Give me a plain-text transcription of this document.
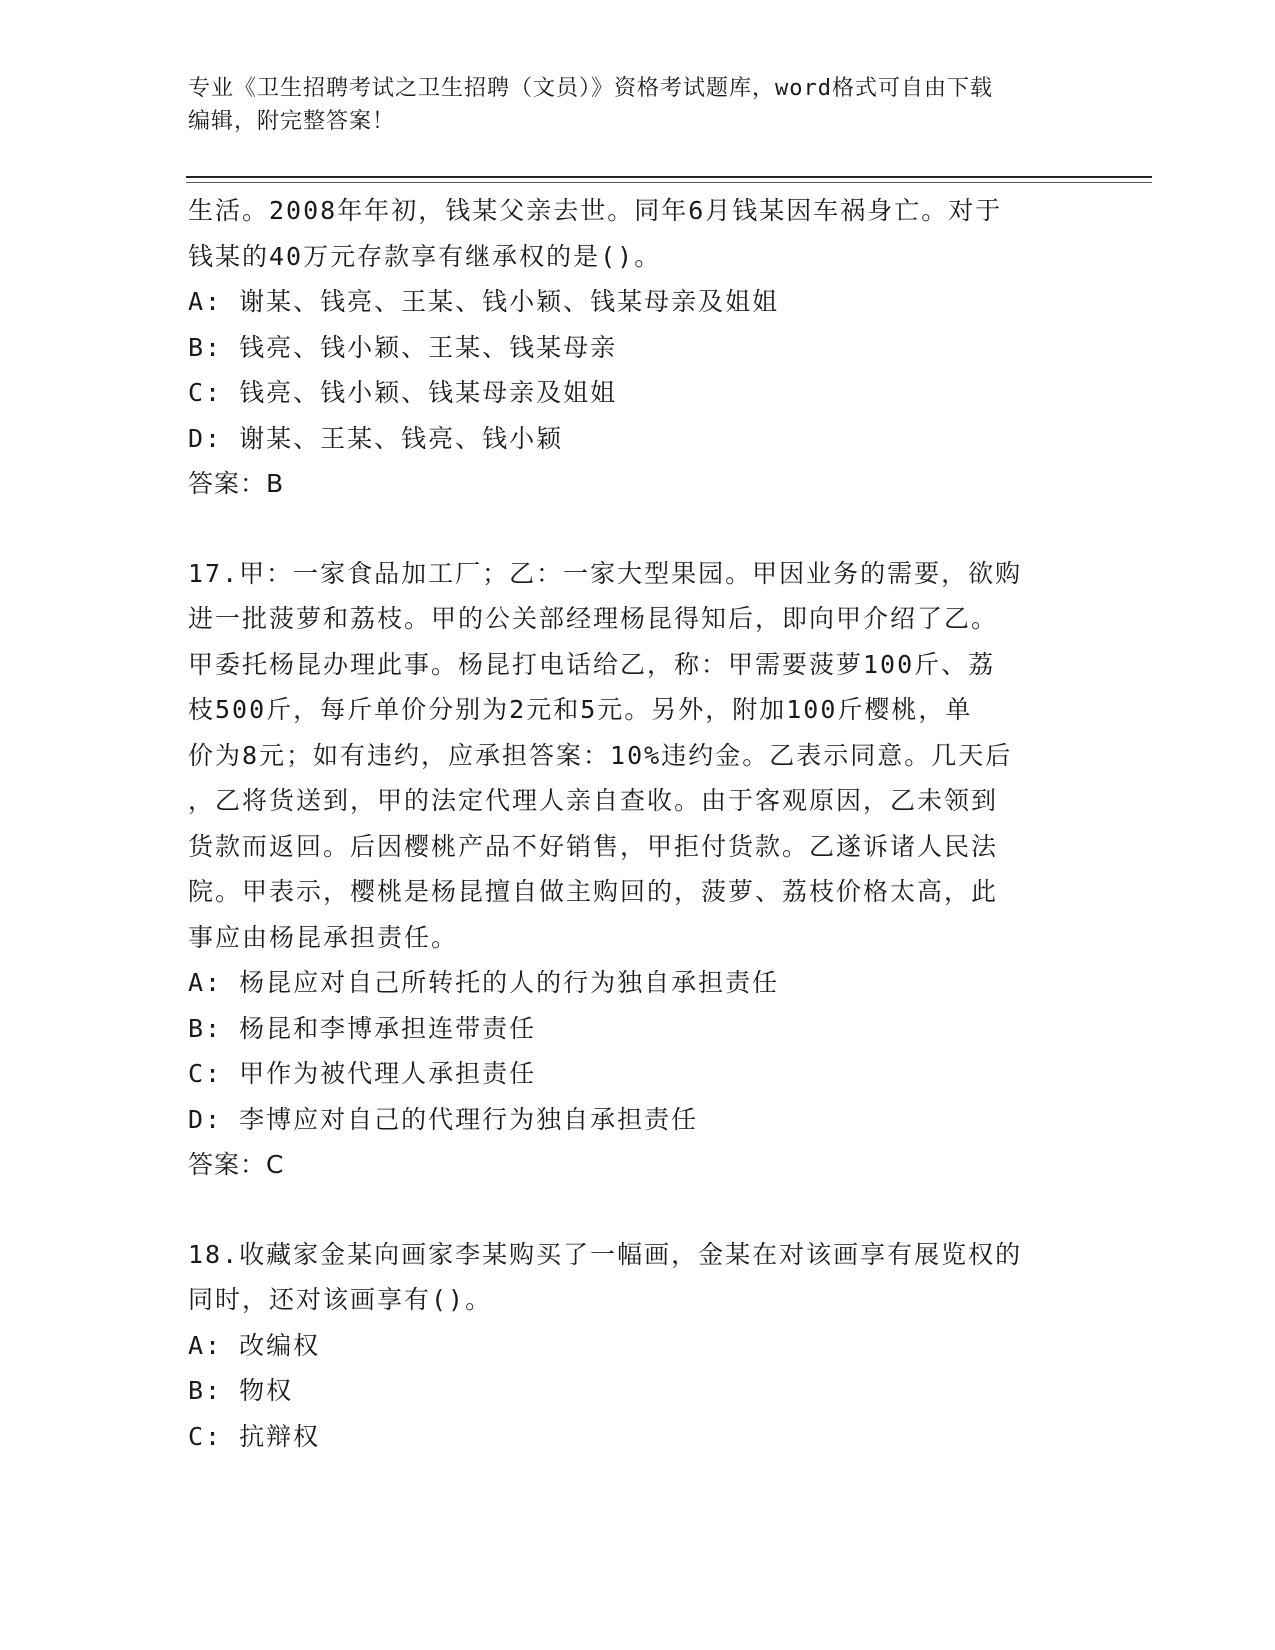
专业《卫生招聘考试之卫生招聘（文员）》资格考试题库，word格式可自由下载
编辑，附完整答案！
生活。2008年年初，钱某父亲去世。同年6月钱某因车祸身亡。对于
钱某的40万元存款享有继承权的是()。
A: 谢某、钱亮、王某、钱小颖、钱某母亲及姐姐
B: 钱亮、钱小颖、王某、钱某母亲
C: 钱亮、钱小颖、钱某母亲及姐姐
D: 谢某、王某、钱亮、钱小颖
答案：B
17.甲：一家食品加工厂；乙：一家大型果园。甲因业务的需要，欲购
进一批菠萝和荔枝。甲的公关部经理杨昆得知后，即向甲介绍了乙。
甲委托杨昆办理此事。杨昆打电话给乙，称：甲需要菠萝100斤、荔
枝500斤，每斤单价分别为2元和5元。另外，附加100斤樱桃，单
价为8元；如有违约，应承担答案：10%违约金。乙表示同意。几天后
，乙将货送到，甲的法定代理人亲自查收。由于客观原因，乙未领到
货款而返回。后因樱桃产品不好销售，甲拒付货款。乙遂诉诸人民法
院。甲表示，樱桃是杨昆擅自做主购回的，菠萝、荔枝价格太高，此
事应由杨昆承担责任。
A: 杨昆应对自己所转托的人的行为独自承担责任
B: 杨昆和李博承担连带责任
C: 甲作为被代理人承担责任
D: 李博应对自己的代理行为独自承担责任
答案：C
18.收藏家金某向画家李某购买了一幅画，金某在对该画享有展览权的
同时，还对该画享有()。
A: 改编权
B: 物权
C: 抗辩权
